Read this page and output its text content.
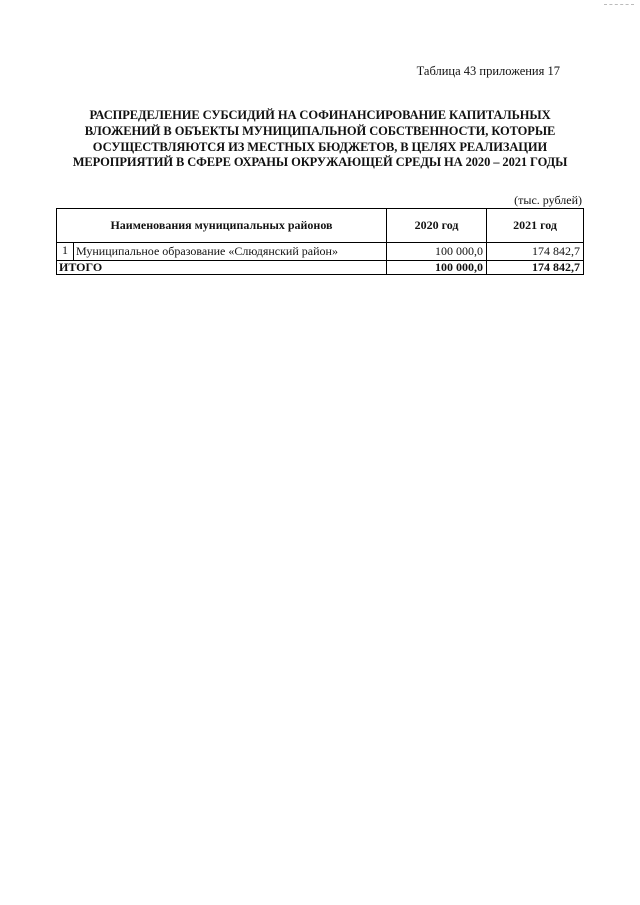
Таблица 43 приложения 17
РАСПРЕДЕЛЕНИЕ СУБСИДИЙ НА СОФИНАНСИРОВАНИЕ КАПИТАЛЬНЫХ
ВЛОЖЕНИЙ В ОБЪЕКТЫ МУНИЦИПАЛЬНОЙ СОБСТВЕННОСТИ, КОТОРЫЕ
ОСУЩЕСТВЛЯЮТСЯ ИЗ МЕСТНЫХ БЮДЖЕТОВ, В ЦЕЛЯХ РЕАЛИЗАЦИИ
МЕРОПРИЯТИЙ В СФЕРЕ ОХРАНЫ ОКРУЖАЮЩЕЙ СРЕДЫ НА 2020 – 2021 ГОДЫ
(тыс. рублей)
Наименования муниципальных районов	2020 год	2021 год

1 Муниципальное образование «Слюдянский район»	100 000,0	174 842,7
ИТОГО	100 000,0	174 842,7
